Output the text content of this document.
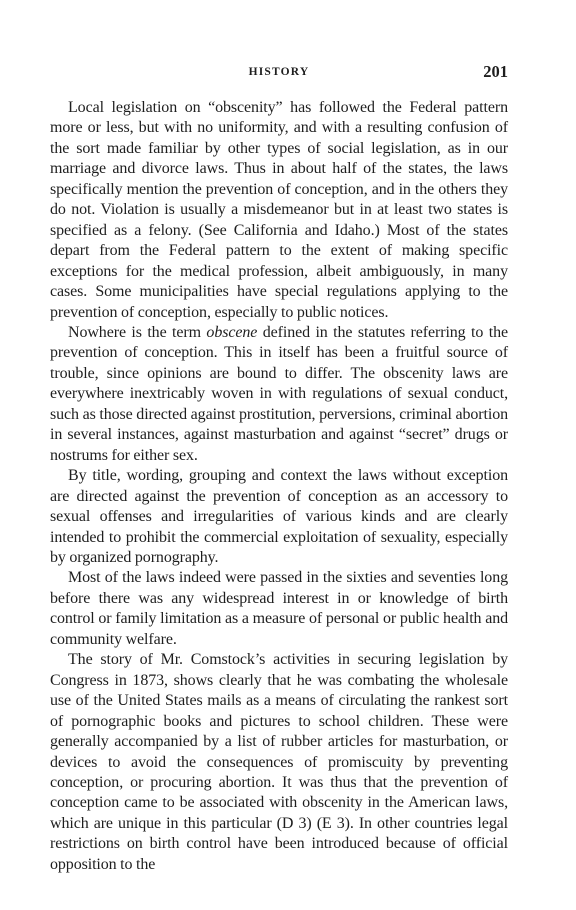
HISTORY	201

Local legislation on “obscenity” has followed the Federal pattern more or less, but with no uniformity, and with a resulting confusion of the sort made familiar by other types of social legislation, as in our marriage and divorce laws. Thus in about half of the states, the laws specifically mention the prevention of conception, and in the others they do not. Violation is usually a misdemeanor but in at least two states is specified as a felony. (See California and Idaho.) Most of the states depart from the Federal pattern to the extent of making specific exceptions for the medical profession, albeit ambiguously, in many cases. Some municipalities have special regulations applying to the prevention of conception, especially to public notices.

Nowhere is the term obscene defined in the statutes referring to the prevention of conception. This in itself has been a fruitful source of trouble, since opinions are bound to differ. The obscenity laws are everywhere inextricably woven in with regulations of sexual conduct, such as those directed against prostitution, perversions, criminal abortion in several instances, against masturbation and against “secret” drugs or nostrums for either sex.

By title, wording, grouping and context the laws without exception are directed against the prevention of conception as an accessory to sexual offenses and irregularities of various kinds and are clearly intended to prohibit the commercial exploitation of sexuality, especially by organized pornography.

Most of the laws indeed were passed in the sixties and seventies long before there was any widespread interest in or knowledge of birth control or family limitation as a measure of personal or public health and community welfare.

The story of Mr. Comstock’s activities in securing legislation by Congress in 1873, shows clearly that he was combating the wholesale use of the United States mails as a means of circulating the rankest sort of pornographic books and pictures to school children. These were generally accompanied by a list of rubber articles for masturbation, or devices to avoid the consequences of promiscuity by preventing conception, or procuring abortion. It was thus that the prevention of conception came to be associated with obscenity in the American laws, which are unique in this particular (D 3) (E 3). In other countries legal restrictions on birth control have been introduced because of official opposition to the
